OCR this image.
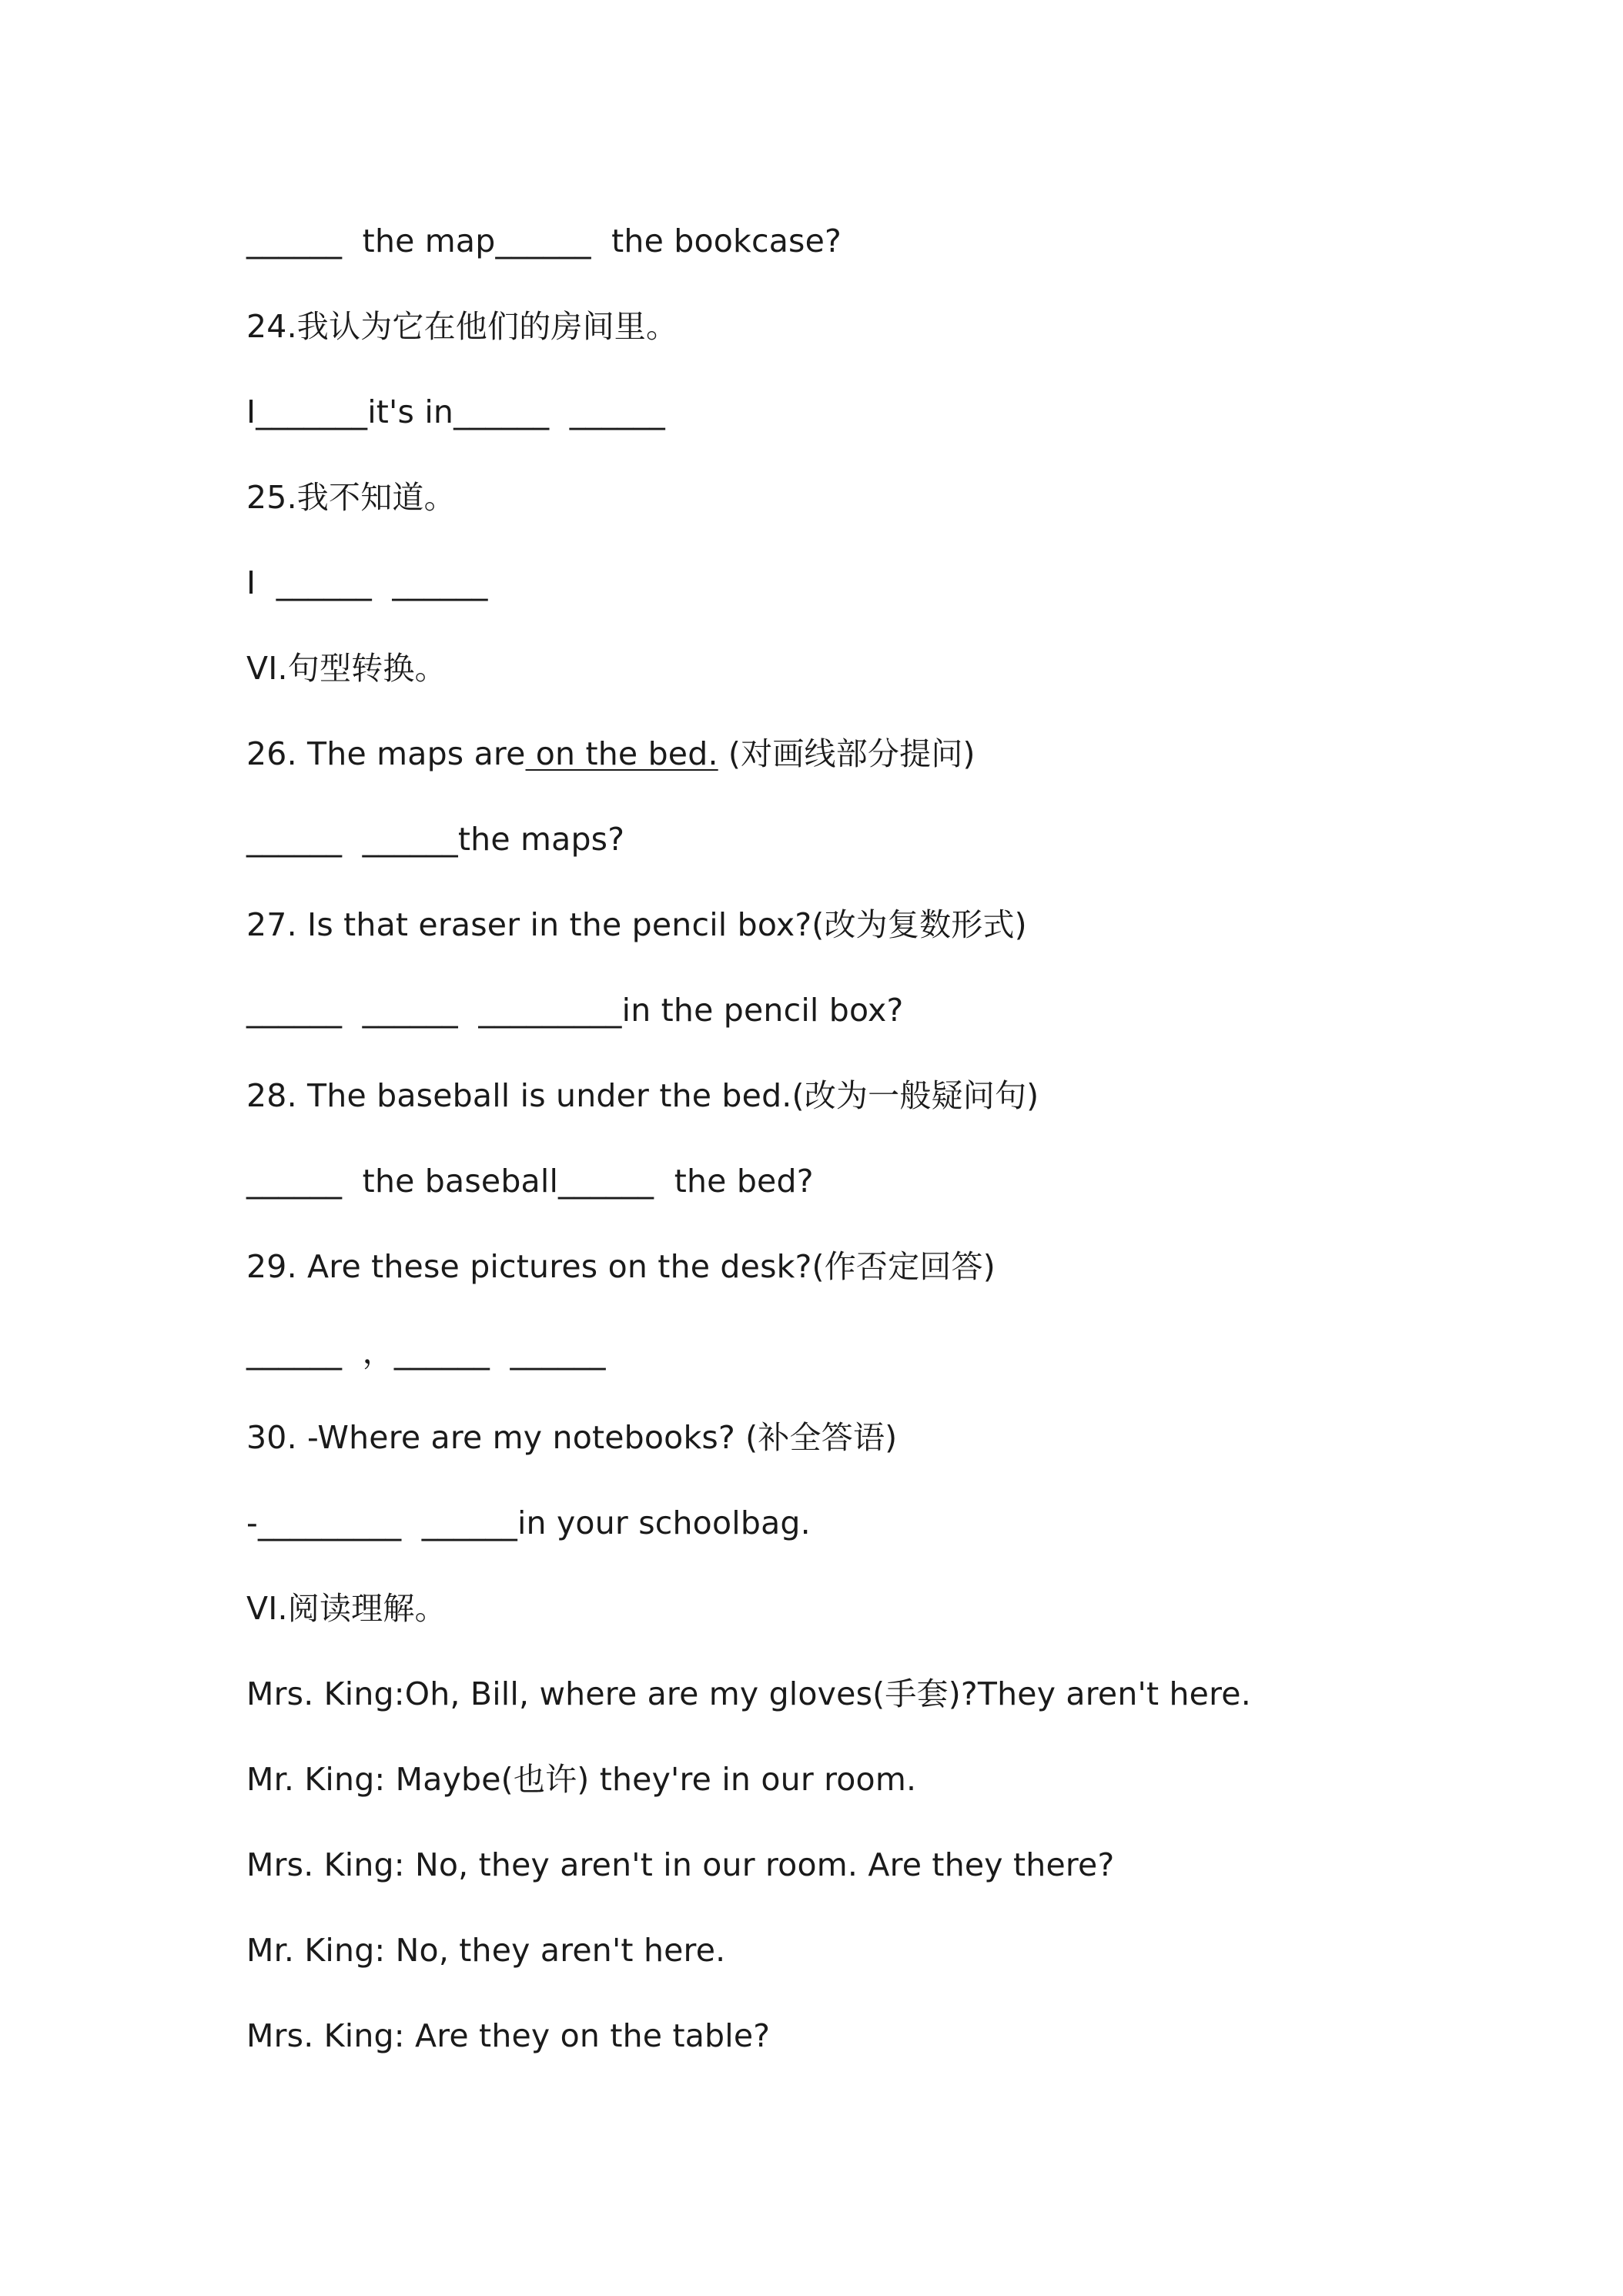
______  the map______  the bookcase?
24.我认为它在他们的房间里。
I_______it's in______  ______
25.我不知道。
I  ______  ______
VI.句型转换。
26. The maps are on the bed. (对画线部分提问)
______  ______the maps?
27. Is that eraser in the pencil box?(改为复数形式)
______  ______  _________in the pencil box?
28. The baseball is under the bed.(改为一般疑问句)
______  the baseball______  the bed?
29. Are these pictures on the desk?(作否定回答)
______  ，______  ______
30. -Where are my notebooks? (补全答语)
-_________  ______in your schoolbag.
VI.阅读理解。
Mrs. King:Oh, Bill, where are my gloves(手套)?They aren't here.
Mr. King: Maybe(也许) they're in our room.
Mrs. King: No, they aren't in our room. Are they there?
Mr. King: No, they aren't here.
Mrs. King: Are they on the table?
